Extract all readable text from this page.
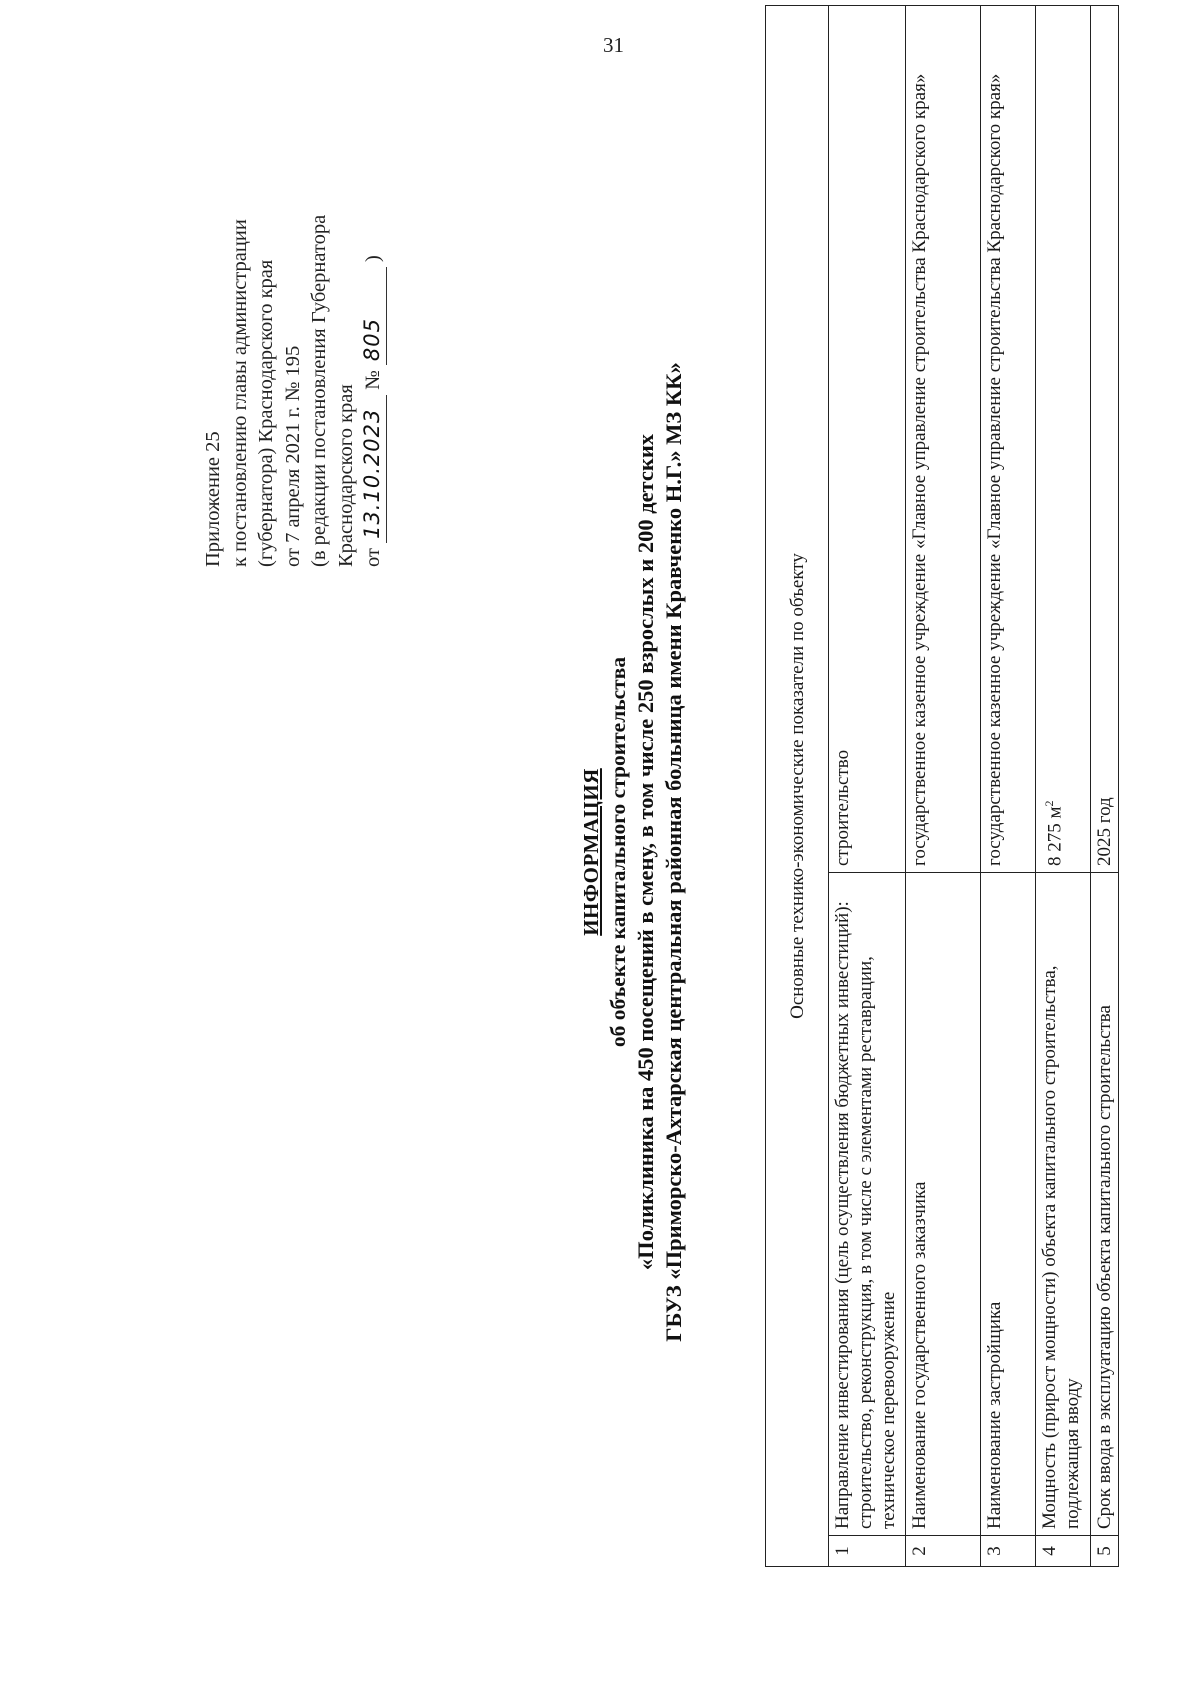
31
Приложение 25 к постановлению главы администрации (губернатора) Краснодарского края от 7 апреля 2021 г. № 195 (в редакции постановления Губернатора Краснодарского края от 13.10.2023 № 805 )
ИНФОРМАЦИЯ об объекте капитального строительства «Поликлиника на 450 посещений в смену, в том числе 250 взрослых и 200 детских ГБУЗ «Приморско-Ахтарская центральная районная больница имени Кравченко Н.Г.» МЗ КК»	Основные технико-экономические показатели по объекту		
1	Направление инвестирования (цель осуществления бюджетных инвестиций): строительство, реконструкция, в том числе с элементами реставрации, техническое перевооружение	строительство
2	Наименование государственного заказчика	государственное казенное учреждение «Главное управление строительства Краснодарского края»
3	Наименование застройщика	государственное казенное учреждение «Главное управление строительства Краснодарского края»
4	Мощность (прирост мощности) объекта капитального строительства, подлежащая вводу	8 275 $м^2$
5	Срок ввода в эксплуатацию объекта капитального строительства	2025 год
